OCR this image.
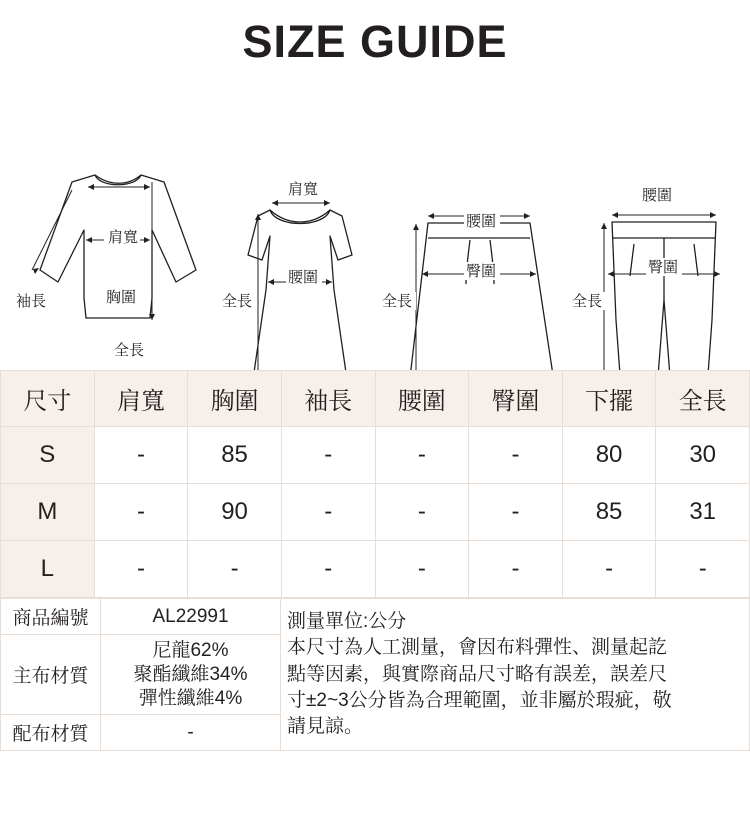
SIZE GUIDE
肩寬
袖長	胸圍
全長
肩寬
腰圍
全長
腰圍
臀圍
全長
腰圍
臀圍
全長
尺寸	肩寬	胸圍	袖長	腰圍	臀圍	下擺	全長
S	-	85	-	-	-	80	30
M	-	90	-	-	-	85	31
L	-	-	-	-	-	-	-
商品編號	AL22991	測量單位:公分
本尺寸為人工測量，會因布料彈性、測量起訖
點等因素，與實際商品尺寸略有誤差，誤差尺
寸±2~3公分皆為合理範圍，並非屬於瑕疵，敬
請見諒。

主布材質	尼龍62%
聚酯纖維34%
彈性纖維4%	

配布材質	-	
